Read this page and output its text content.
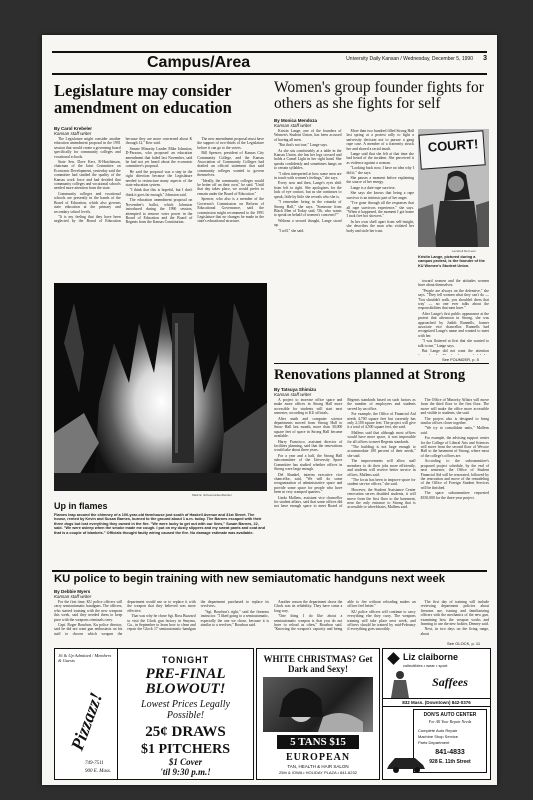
Campus/Area	University Daily Kansan / Wednesday, December 5, 1990 3
Legislature may consider amendment on education
By Carol Krebeler
Kansan staff writer

The Legislature might consider another education amendment proposal in the 1991 session that would create a governing board specifically for community colleges and vocational schools.

State Sen. Dave Kerr, R-Hutchinson, chairman of the Joint Committee on Economic Development, yesterday said the committee had studied the quality of the Kansas work force and had decided that community colleges and vocational schools needed more attention from the state.

Community colleges and vocational schools are presently in the hands of the Board of Education, which also governs state education at the primary and secondary school levels.

"It is my feeling that they have been neglected by the Board of Education because they are more concerned about K through 12," Kerr said.

Senate Minority Leader Mike Johnston, D-Parsons, who proposed an education amendment that failed last November, said he had not yet heard about the economic committee's proposal.

He said the proposal was a step in the right direction because the Legislature needed to restructure many aspects of the state education system.

"I think that this is hopeful, but I don't think it goes far enough," Johnston said.

The education amendment proposal on November's ballot, which Johnston introduced during the 1990 session, attempted to remove voter power in the Board of Education and the Board of Regents from the Kansas Constitution.

The new amendment proposal must have the support of two-thirds of the Legislature before it can go to the voters.

Bill Spencer, president of Kansas City Community College, and the Kansas Association of Community Colleges had drafted an official statement that said community colleges wanted to govern themselves.

"Ideally, the community colleges would be better off on their own," he said. "Until that day takes place, we would prefer to remain under the Board of Education."

Spencer, who also is a member of the Governor's Commission on Reform of Educational Governance, said the commission might recommend to the 1991 Legislature that no changes be made in the state's educational structure.

Mark E. Schoenrankenfiender
Up in flames
Flames leap around the chimney of a 100-year-old farmhouse just south of Haskell Avenue and 31st Street. The house, rented by Kevin and Susan Barnes, burned to the ground about 1 a.m. today. The Barnes escaped with their three dogs but lost everything they owned in the fire. "We were lucky to get out with our lives," Susan Barnes, 22, said. "We were asleep when the smoke made me cough. I put on my dusty slippers and my sweat pants and coat and that is a couple of blankets." Officials thought faulty wiring caused the fire. No damage estimate was available.
Women's group founder fights for others as she fights for self
By Monica Mendoza
Kansan staff writer

Kristin Lange, one of the founders of Women's Student Union, has been accused of having all men.

"But that's not true," Lange says.

As she sits comfortably at a table in the Kansas Union, she has her legs crossed and holds a Camel Light in her right hand. She speaks confidently and sometimes hangs on to certain syllables.

"I often interpreted at how some men are in touch with women's feelings," she says.

Every now and then, Lange's eyes shift from left to right. She apologizes for the lack of eye contact, but as she continues to speak, little by little she reveals who she is.

"I remember being in the rotunda of Strong Hall," she says. "Someone from Black Men of Today said, 'Oh, who wants to speak on behalf of women's concerns?'"

Without a second thought, Lange stood up.

"I will," she said.

More than two hundred filled Strong Hall last spring at a protest rally to fight a university decision not to pursue a gang rape case. A member of a fraternity struck her and shared a racial insult.

Lange said that she felt at that time she had heard of the incident. She perceived it as violence against a woman.

"Looking back now, I have no idea why I did it," she says.

She pauses a moment before explaining the source of her energy.

Lange is a date-rape survivor.

She says she knows that being a rape survivor is an intrinsic part of her anger.

"I've gone through all the responses that all rape survivors experience," she says. "When it happened, the moment I got home I took five hot showers."

In her own shell apart from self-insight, she describes the man who violated her body and stole her trust.

COURT!
Lenshell Del Leon
Kristin Lange, pictured during a campus protest, is the founder of the KU Women's Student Union.

toward women and the attitudes women have about themselves.

"People are always on the defensive," she says. "They tell women what they can't do — 'You shouldn't walk, you shouldn't dress that way' — no one ever talks about the responsibilities that men have."

After Lange's first public appearance at the protest that afternoon in Strong, she was approached by Judith Runnells, former associate vice chancellor. Runnells had recognized Lange's name and wanted to meet with her.

"I was flattered at first that she wanted to talk to me," Lange says.

But Lange did not want the attention

See FOUNDER, p. 5
Renovations planned at Strong
By Tatsuya Shimizu
Kansan staff writer

A project to increase office space and make more offices in Strong Hall more accessible for students will start next semester, according to KU officials.

After math and computer science departments moved from Strong Hall to Snow Hall last month, more than 30,000 square feet of space in Strong Hall became available.

Harry Francisco, assistant director of facilities planning, said that the renovations would take about three years.

For a year and a half, the Strong Hall subcommittee of the University Space Committee has studied whether offices in Strong were large enough.

Del Shankel, interim executive vice chancellor, said, "We will do some reorganization of administrative space and provide some space for people who have been in very cramped quarters."

Linda Mallens, assistant vice chancellor for student affairs, said that some offices did not have enough space to meet Board of Regents standards based on such factors as the number of employees and students served by an office.

For example, the Office of Financial Aid needs 4,700 square feet but currently has only 2,100 square feet. The project will give it a total of 4,500 square feet, she said.

Mallens said that although most offices would have more space, it was impossible for all offices to meet Regents standards.

"The building is not large enough to accommodate 100 percent of their needs," she said.

The improvements will allow staff members to do their jobs more efficiently, and students will receive better service in offices, Mallens said.

"The focus has been to improve space for student service offices," she said.

However, the Student Assistance Center renovation serves disabled students, it will move from the first floor to the basement, near the only entrance to Strong that is accessible to wheelchairs, Mallens said.

The Office of Minority Affairs will move from the third floor to the first floor. The move will make the office more accessible and visible to students, she said.

The project also is designed to bring similar offices closer together.

"We try to consolidate units," Mallens said.

For example, the advising support center for the College of Liberal Arts and Sciences will move from the second floor of Wescoe Hall to the basement of Strong, where most of the college's offices are.

According to the subcommittee's proposed project schedule, by the end of next semester, the Office of Student Financial Aid will be renovated, followed by the renovation and move of the remodeling of the Office of Foreign Student Services will be finished.

The space subcommittee requested $350,000 for the three-year project.

KU police to begin training with new semiautomatic handguns next week
By Debbie Myers
Kansan staff writer

For the first time, KU police officers will carry semiautomatic handguns. The officers, who started training with the new weapons this week, said they needed them to keep pace with the weapons criminals carry.

Capt. Roger Bourbon, Ku police director, said he did not want gun enthusiasts on his staff to choose which weapon the department would use or to replace it with the weapon that they believed was more effective.

That was why he chose Sgt. Ross Buzzard to visit the Glock gun factory in Smyrna, Ga., in September to learn how to clean and repair the Glock 17 semiautomatic handgun the department purchased to replace its revolvers.

"Sgt. Bourbon's right," said the firearms instructor. "I liked going to a semiautomatic, especially the one we chose, because it is similar to a revolver," Bourbon said.

Another reason the department chose the Glock was its reliability. They have come a long way.

"One thing I do like about a semiautomatic weapon is that you do not have to reload as often," Bourbon said. "Knowing the weapon's capacity and being able to fire without reloading makes an officer feel better."

KU police officers will continue to carry everything else they carry. The weapons training will take place next week, and officers should be trained by mid-February if everything goes smoothly.

The first day of training will include reviewing department policies about firearms use, issuing and familiarizing officers with the mechanics of the new gun, examining how the weapon works and learning to use the new holster, Denney said.

Next, in two days on the firing range, about

See GLOCK, p. 11
16 & Up Admitted / Members & Guests
Pizzazz!
749-7511
900 E. Mass.
TONIGHT
PRE-FINAL BLOWOUT!
Lowest Prices Legally Possible!
25¢ DRAWS
$1 PITCHERS
$1 Cover
'til 9:30 p.m.!
WHITE CHRISTMAS? Get Dark and Sexy!
5 TANS $15
EUROPEAN
TAN, HEALTH & HAIR SALON
25th & IOWA • HOLIDAY PLAZA • 841-6232
Liz claiborne
collectibles • wear • sport
Saffees
832 Mass. (Downtown) 842-0376
DON'S AUTO CENTER
For All Your Repair Needs
Complete Auto Repair
Machine Shop Service
Parts Department
841-4833
928 E. 11th Street
